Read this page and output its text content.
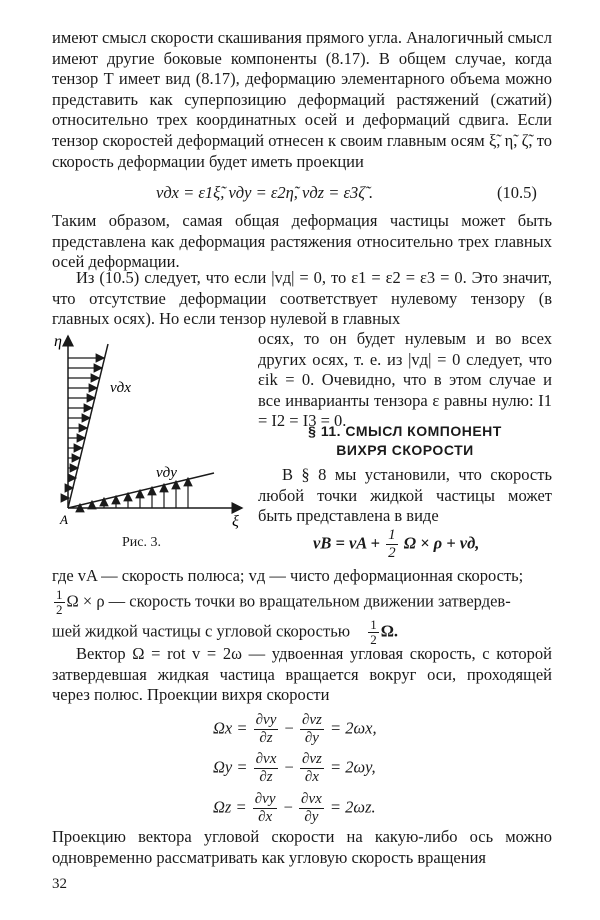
имеют смысл скорости скашивания прямого угла. Аналогичный смысл имеют другие боковые компоненты (8.17). В общем случае, когда тензор T имеет вид (8.17), деформацию элементарного объема можно представить как суперпозицию деформаций растяжений (сжатий) относительно трех координатных осей и деформаций сдвига. Если тензор скоростей деформаций отнесен к своим главным осям ξ̃, η̃, ζ̃, то скорость деформации будет иметь проекции

vдx = ε1ξ̃, vдy = ε2η̃, vдz = ε3ζ̃ .	(10.5)

Таким образом, самая общая деформация частицы может быть представлена как деформация растяжения относительно трех главных осей деформации.

Из (10.5) следует, что если |vд| = 0, то ε1 = ε2 = ε3 = 0. Это значит, что отсутствие деформации соответствует нулевому тензору (в главных осях). Но если тензор нулевой в главных

осях, то он будет нулевым и во всех других осях, т. е. из |vд| = 0 следует, что εik = 0. Очевидно, что в этом случае и все инварианты тензора ε равны нулю: I1 = I2 = I3 = 0.

η
ξ
A
vдx
vдy
Рис. 3.
§ 11. СМЫСЛ КОМПОНЕНТ
ВИХРЯ СКОРОСТИ

В § 8 мы установили, что скорость любой точки жидкой частицы может быть представлена в виде

vB = vA + $\frac{1}{2}$ Ω × ρ + vд,
где vA — скорость полюса; vд — чисто деформационная скорость;
$\frac{1}{2}$ Ω × ρ — скорость точки во вращательном движении затвердев-
шей жидкой частицы с угловой скоростью $\frac{1}{2} \Omega$.

Вектор Ω = rot v = 2ω — удвоенная угловая скорость, с которой затвердевшая жидкая частица вращается вокруг оси, проходящей через полюс. Проекции вихря скорости

$\Omega x = \frac{\partial vy}{\partial z} - \frac{\partial vz}{\partial y} = 2\omega x$,
$\Omega y = \frac{\partial vx}{\partial z} - \frac{\partial vz}{\partial x} = 2\omega y$,
$\Omega z = \frac{\partial vy}{\partial x} - \frac{\partial vx}{\partial y} = 2\omega z$.

Проекцию вектора угловой скорости на какую-либо ось можно одновременно рассматривать как угловую скорость вращения

32
